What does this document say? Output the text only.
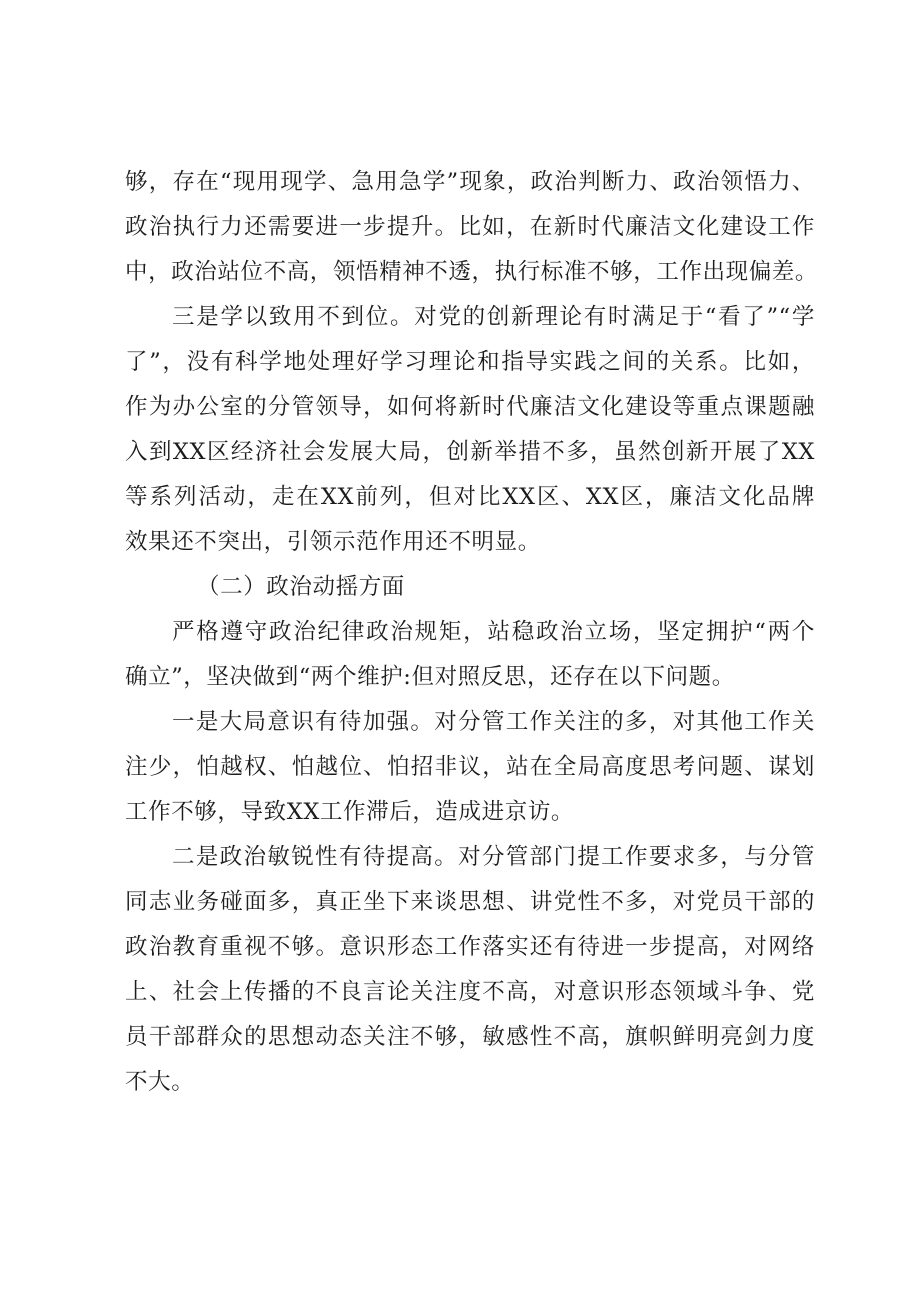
够，存在“现用现学、急用急学”现象，政治判断力、政治领悟力、
政治执行力还需要进一步提升。比如，在新时代廉洁文化建设工作
中，政治站位不高，领悟精神不透，执行标准不够，工作出现偏差。
三是学以致用不到位。对党的创新理论有时满足于“看了”“学
了”，没有科学地处理好学习理论和指导实践之间的关系。比如，
作为办公室的分管领导，如何将新时代廉洁文化建设等重点课题融
入到XX区经济社会发展大局，创新举措不多，虽然创新开展了XX
等系列活动，走在XX前列，但对比XX区、XX区，廉洁文化品牌
效果还不突出，引领示范作用还不明显。
（二）政治动摇方面
严格遵守政治纪律政治规矩，站稳政治立场，坚定拥护“两个
确立”，坚决做到“两个维护:但对照反思，还存在以下问题。
一是大局意识有待加强。对分管工作关注的多，对其他工作关
注少，怕越权、怕越位、怕招非议，站在全局高度思考问题、谋划
工作不够，导致XX工作滞后，造成进京访。
二是政治敏锐性有待提高。对分管部门提工作要求多，与分管
同志业务碰面多，真正坐下来谈思想、讲党性不多，对党员干部的
政治教育重视不够。意识形态工作落实还有待进一步提高，对网络
上、社会上传播的不良言论关注度不高，对意识形态领域斗争、党
员干部群众的思想动态关注不够，敏感性不高，旗帜鲜明亮剑力度
不大。
